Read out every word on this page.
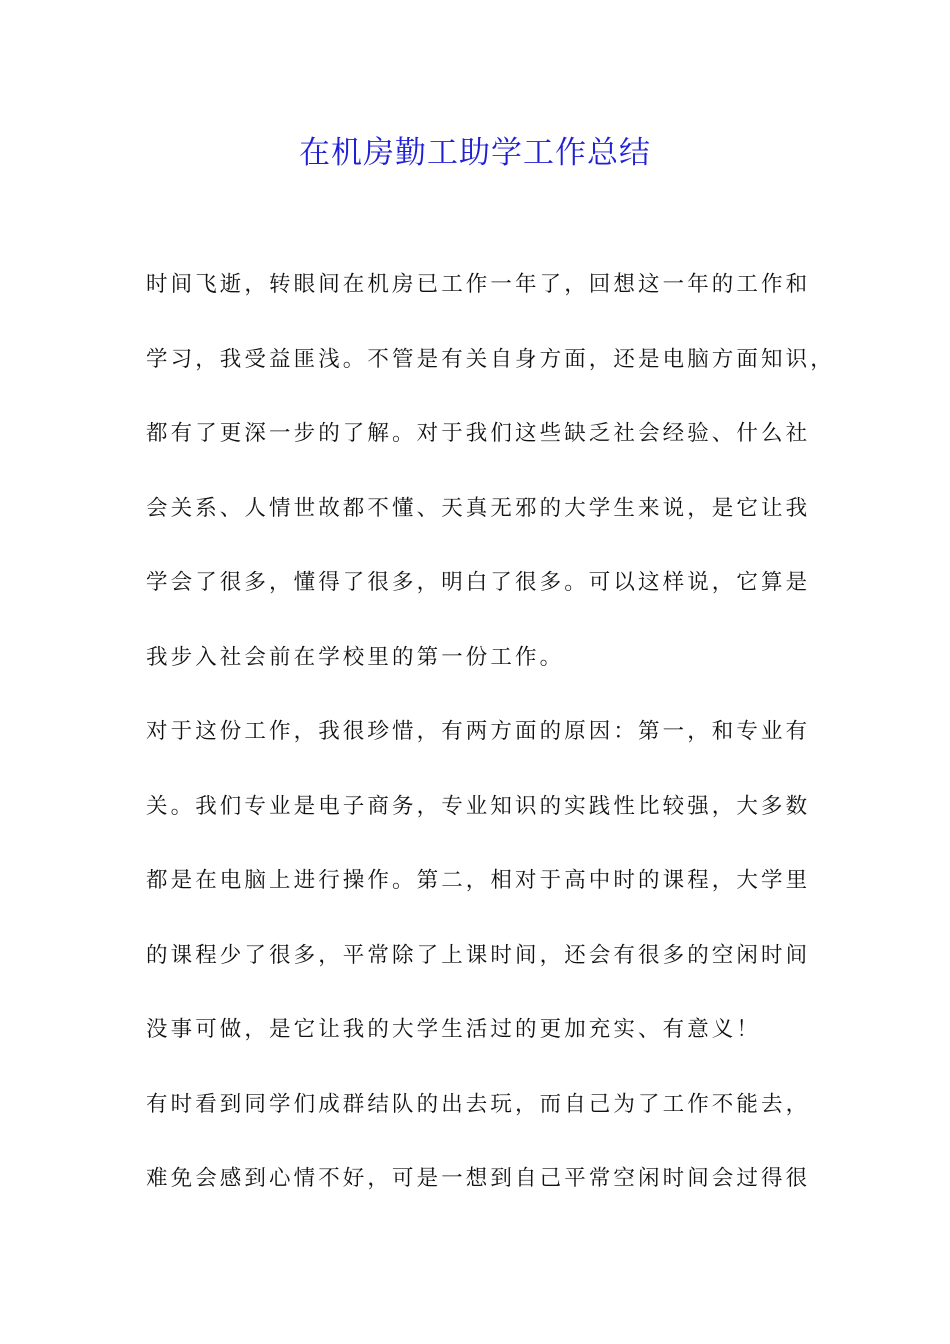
在机房勤工助学工作总结
时间飞逝，转眼间在机房已工作一年了，回想这一年的工作和
学习，我受益匪浅。不管是有关自身方面，还是电脑方面知识，
都有了更深一步的了解。对于我们这些缺乏社会经验、什么社
会关系、人情世故都不懂、天真无邪的大学生来说，是它让我
学会了很多，懂得了很多，明白了很多。可以这样说，它算是
我步入社会前在学校里的第一份工作。
对于这份工作，我很珍惜，有两方面的原因：第一，和专业有
关。我们专业是电子商务，专业知识的实践性比较强，大多数
都是在电脑上进行操作。第二，相对于高中时的课程，大学里
的课程少了很多，平常除了上课时间，还会有很多的空闲时间
没事可做，是它让我的大学生活过的更加充实、有意义！
有时看到同学们成群结队的出去玩，而自己为了工作不能去，
难免会感到心情不好，可是一想到自己平常空闲时间会过得很
